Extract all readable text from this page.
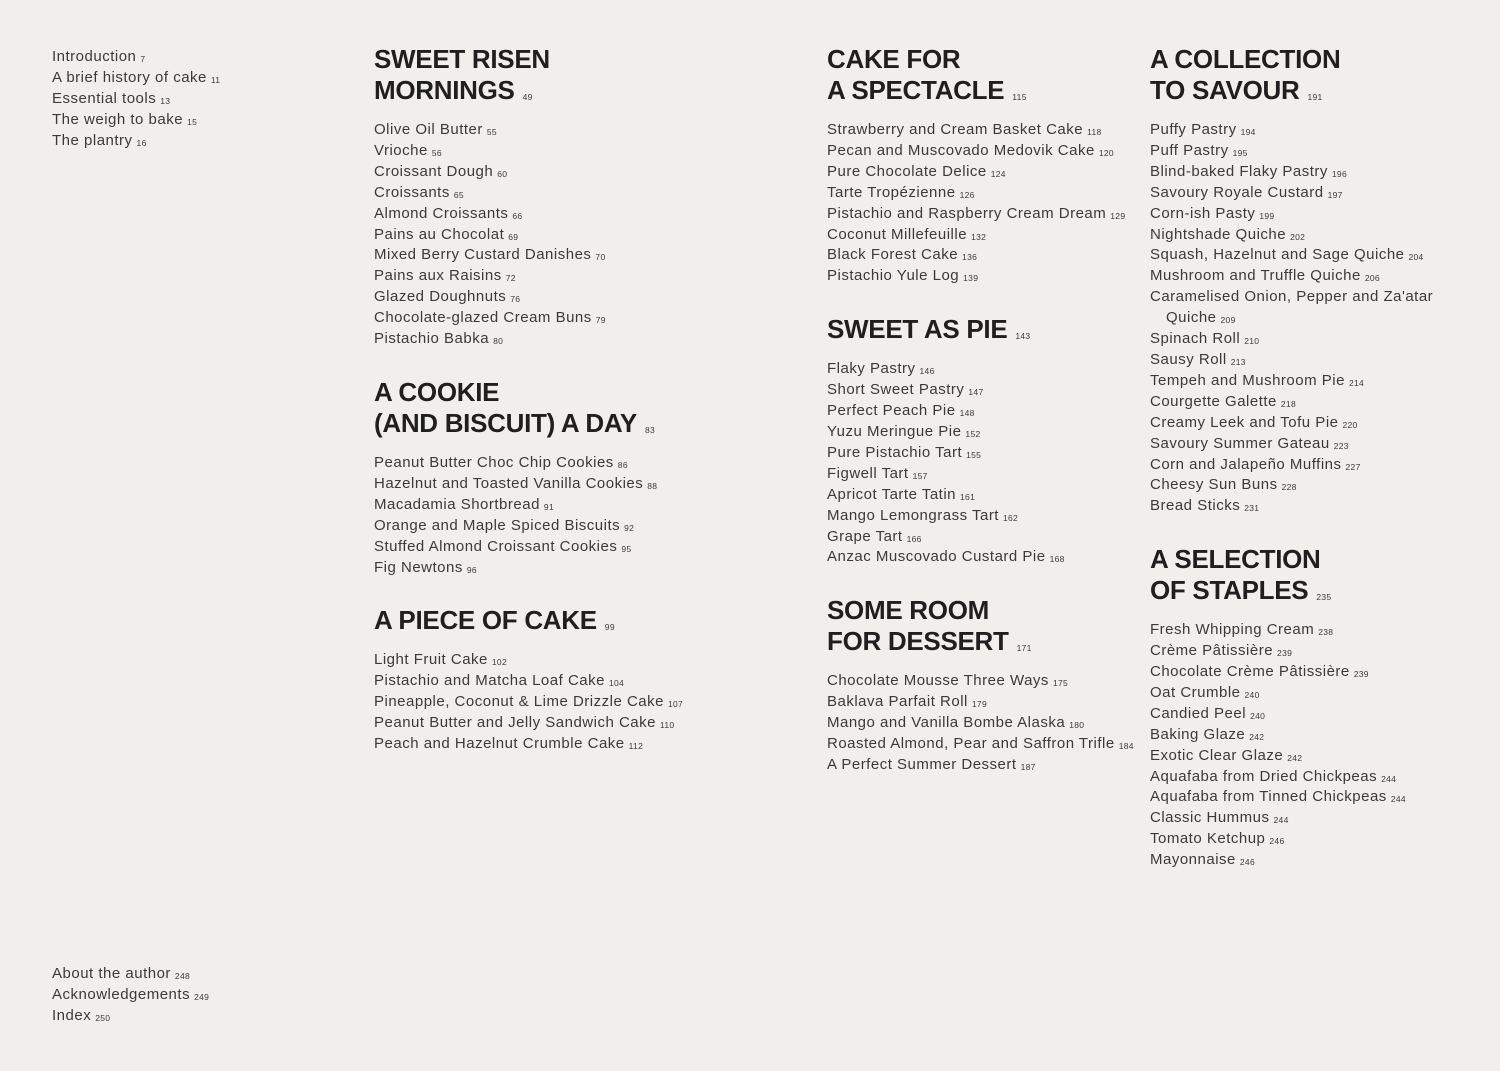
Introduction 7
A brief history of cake 11
Essential tools 13
The weigh to bake 15
The plantry 16
About the author 248
Acknowledgements 249
Index 250
SWEET RISEN
MORNINGS 49
Olive Oil Butter 55
Vrioche 56
Croissant Dough 60
Croissants 65
Almond Croissants 66
Pains au Chocolat 69
Mixed Berry Custard Danishes 70
Pains aux Raisins 72
Glazed Doughnuts 76
Chocolate-glazed Cream Buns 79
Pistachio Babka 80
A COOKIE
(AND BISCUIT) A DAY 83
Peanut Butter Choc Chip Cookies 86
Hazelnut and Toasted Vanilla Cookies 88
Macadamia Shortbread 91
Orange and Maple Spiced Biscuits 92
Stuffed Almond Croissant Cookies 95
Fig Newtons 96
A PIECE OF CAKE 99
Light Fruit Cake 102
Pistachio and Matcha Loaf Cake 104
Pineapple, Coconut & Lime Drizzle Cake 107
Peanut Butter and Jelly Sandwich Cake 110
Peach and Hazelnut Crumble Cake 112
CAKE FOR
A SPECTACLE 115
Strawberry and Cream Basket Cake 118
Pecan and Muscovado Medovik Cake 120
Pure Chocolate Delice 124
Tarte Tropézienne 126
Pistachio and Raspberry Cream Dream 129
Coconut Millefeuille 132
Black Forest Cake 136
Pistachio Yule Log 139
SWEET AS PIE 143
Flaky Pastry 146
Short Sweet Pastry 147
Perfect Peach Pie 148
Yuzu Meringue Pie 152
Pure Pistachio Tart 155
Figwell Tart 157
Apricot Tarte Tatin 161
Mango Lemongrass Tart 162
Grape Tart 166
Anzac Muscovado Custard Pie 168
SOME ROOM
FOR DESSERT 171
Chocolate Mousse Three Ways 175
Baklava Parfait Roll 179
Mango and Vanilla Bombe Alaska 180
Roasted Almond, Pear and Saffron Trifle 184
A Perfect Summer Dessert 187
A COLLECTION
TO SAVOUR 191
Puffy Pastry 194
Puff Pastry 195
Blind-baked Flaky Pastry 196
Savoury Royale Custard 197
Corn-ish Pasty 199
Nightshade Quiche 202
Squash, Hazelnut and Sage Quiche 204
Mushroom and Truffle Quiche 206
Caramelised Onion, Pepper and Za'atar
Quiche 209
Spinach Roll 210
Sausy Roll 213
Tempeh and Mushroom Pie 214
Courgette Galette 218
Creamy Leek and Tofu Pie 220
Savoury Summer Gateau 223
Corn and Jalapeño Muffins 227
Cheesy Sun Buns 228
Bread Sticks 231
A SELECTION
OF STAPLES 235
Fresh Whipping Cream 238
Crème Pâtissière 239
Chocolate Crème Pâtissière 239
Oat Crumble 240
Candied Peel 240
Baking Glaze 242
Exotic Clear Glaze 242
Aquafaba from Dried Chickpeas 244
Aquafaba from Tinned Chickpeas 244
Classic Hummus 244
Tomato Ketchup 246
Mayonnaise 246
